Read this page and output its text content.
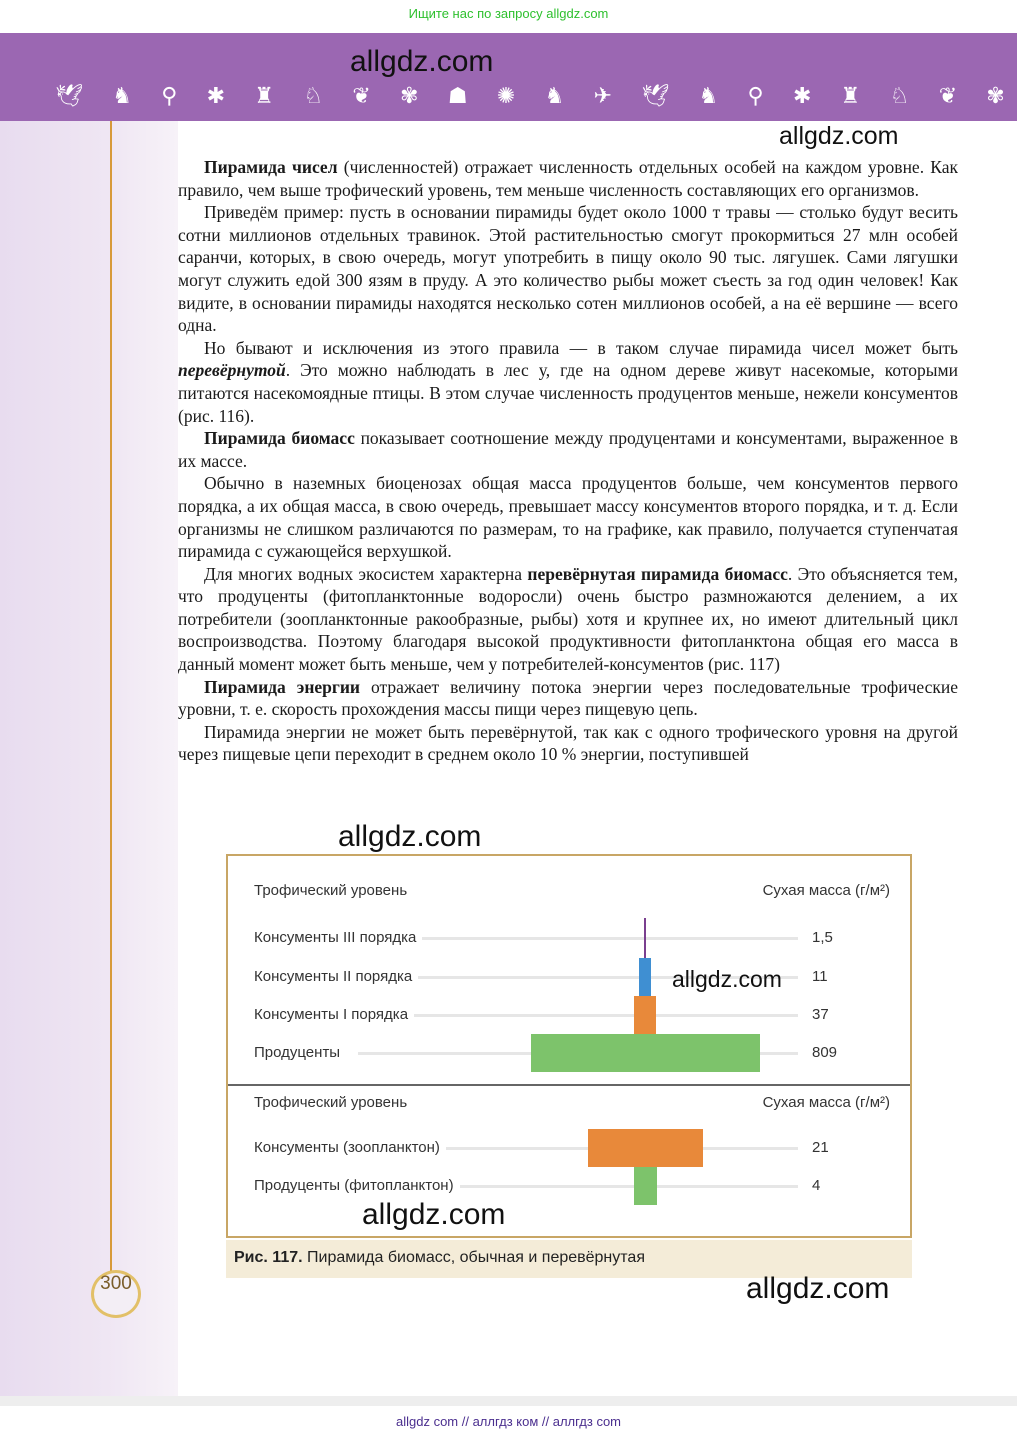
Ищите нас по запросу allgdz.com
🕊 ♞ ⚲ ✱ ♜ ♘ ❦ ✾ ☗ ✺ ♞ ✈ 🕊 ♞ ⚲ ✱ ♜ ♘ ❦ ✾
allgdz.com
allgdz.com

Пирамида чисел (численностей) отражает численность отдельных особей на каждом уровне. Как правило, чем выше трофический уровень, тем меньше численность составляющих его организмов.

Приведём пример: пусть в основании пирамиды будет около 1000 т травы — столько будут весить сотни миллионов отдельных травинок. Этой растительностью смогут прокормиться 27 млн особей саранчи, которых, в свою очередь, могут употребить в пищу около 90 тыс. лягушек. Сами лягушки могут служить едой 300 язям в пруду. А это количество рыбы может съесть за год один человек! Как видите, в основании пирамиды находятся несколько сотен миллионов особей, а на её вершине — всего одна.

Но бывают и исключения из этого правила — в таком случае пирамида чисел может быть перевёрнутой. Это можно наблюдать в лес у, где на одном дереве живут насекомые, которыми питаются насекомоядные птицы. В этом случае численность продуцентов меньше, нежели консументов (рис. 116).

Пирамида биомасс показывает соотношение между продуцентами и консументами, выраженное в их массе.

Обычно в наземных биоценозах общая масса продуцентов больше, чем консументов первого порядка, а их общая масса, в свою очередь, превышает массу консументов второго порядка, и т. д. Если организмы не слишком различаются по размерам, то на графике, как правило, получается ступенчатая пирамида с сужающейся верхушкой.

Для многих водных экосистем характерна перевёрнутая пирамида биомасс. Это объясняется тем, что продуценты (фитопланктонные водоросли) очень быстро размножаются делением, а их потребители (зоопланктонные ракообразные, рыбы) хотя и крупнее их, но имеют длительный цикл воспроизводства. Поэтому благодаря высокой продуктивности фитопланктона общая его масса в данный момент может быть меньше, чем у потребителей-консументов (рис. 117)

Пирамида энергии отражает величину потока энергии через последовательные трофические уровни, т. е. скорость прохождения массы пищи через пищевую цепь.

Пирамида энергии не может быть перевёрнутой, так как с одного трофического уровня на другой через пищевые цепи переходит в среднем около 10 % энергии, поступившей

allgdz.com
Трофический уровень	Сухая масса (г/м²)
Консументы III порядка	1,5
Консументы II порядка	11
Консументы I порядка	37
Продуценты	809
Трофический уровень	Сухая масса (г/м²)
Консументы (зоопланктон)	21
Продуценты (фитопланктон)	4
allgdz.com
allgdz.com
Рис. 117. Пирамида биомасс, обычная и перевёрнутая
allgdz.com
300
allgdz com // аллгдз ком // аллгдз com
